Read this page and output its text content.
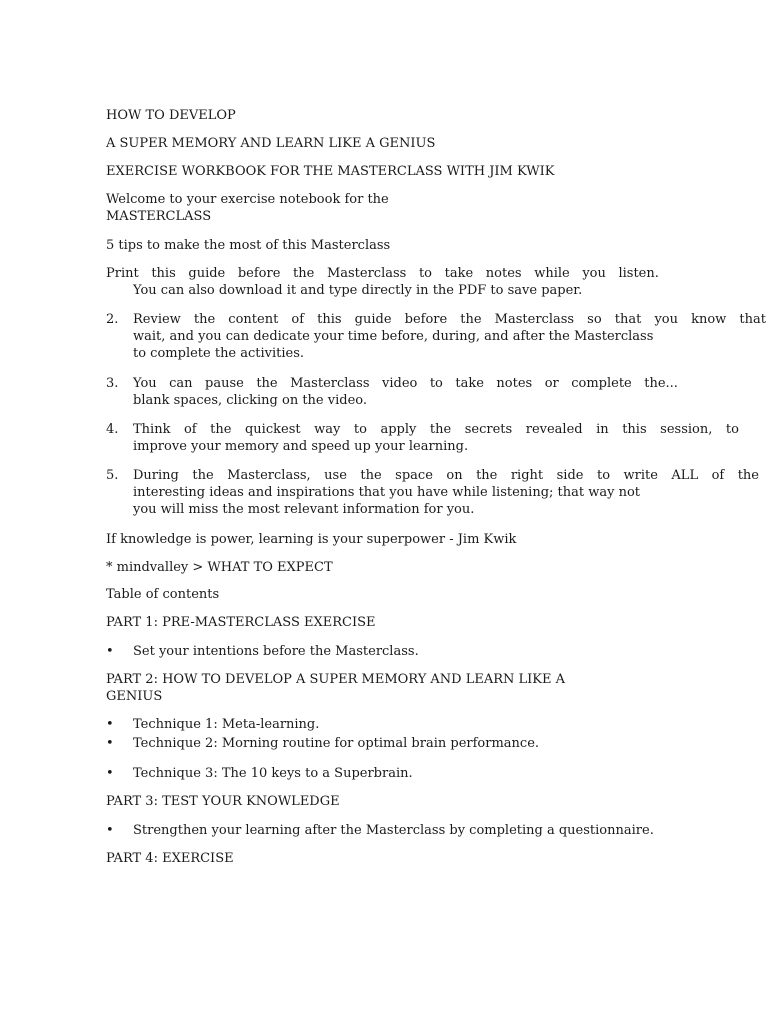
HOW TO DEVELOP
A SUPER MEMORY AND LEARN LIKE A GENIUS
EXERCISE WORKBOOK FOR THE MASTERCLASS WITH JIM KWIK
Welcome to your exercise notebook for the
MASTERCLASS
5 tips to make the most of this Masterclass
Print this guide before the Masterclass to take notes while you listen.
You can also download it and type directly in the PDF to save paper.
2. Review the content of this guide before the Masterclass so that you know that
wait, and you can dedicate your time before, during, and after the Masterclass
to complete the activities.
3. You can pause the Masterclass video to take notes or complete the...
blank spaces, clicking on the video.
4. Think of the quickest way to apply the secrets revealed in this session, to
improve your memory and speed up your learning.
5. During the Masterclass, use the space on the right side to write ALL of the
interesting ideas and inspirations that you have while listening; that way not
you will miss the most relevant information for you.
If knowledge is power, learning is your superpower - Jim Kwik
* mindvalley > WHAT TO EXPECT
Table of contents
PART 1: PRE-MASTERCLASS EXERCISE
• Set your intentions before the Masterclass.
PART 2: HOW TO DEVELOP A SUPER MEMORY AND LEARN LIKE A
GENIUS
• Technique 1: Meta-learning.
• Technique 2: Morning routine for optimal brain performance.
• Technique 3: The 10 keys to a Superbrain.
PART 3: TEST YOUR KNOWLEDGE
• Strengthen your learning after the Masterclass by completing a questionnaire.
PART 4: EXERCISE
